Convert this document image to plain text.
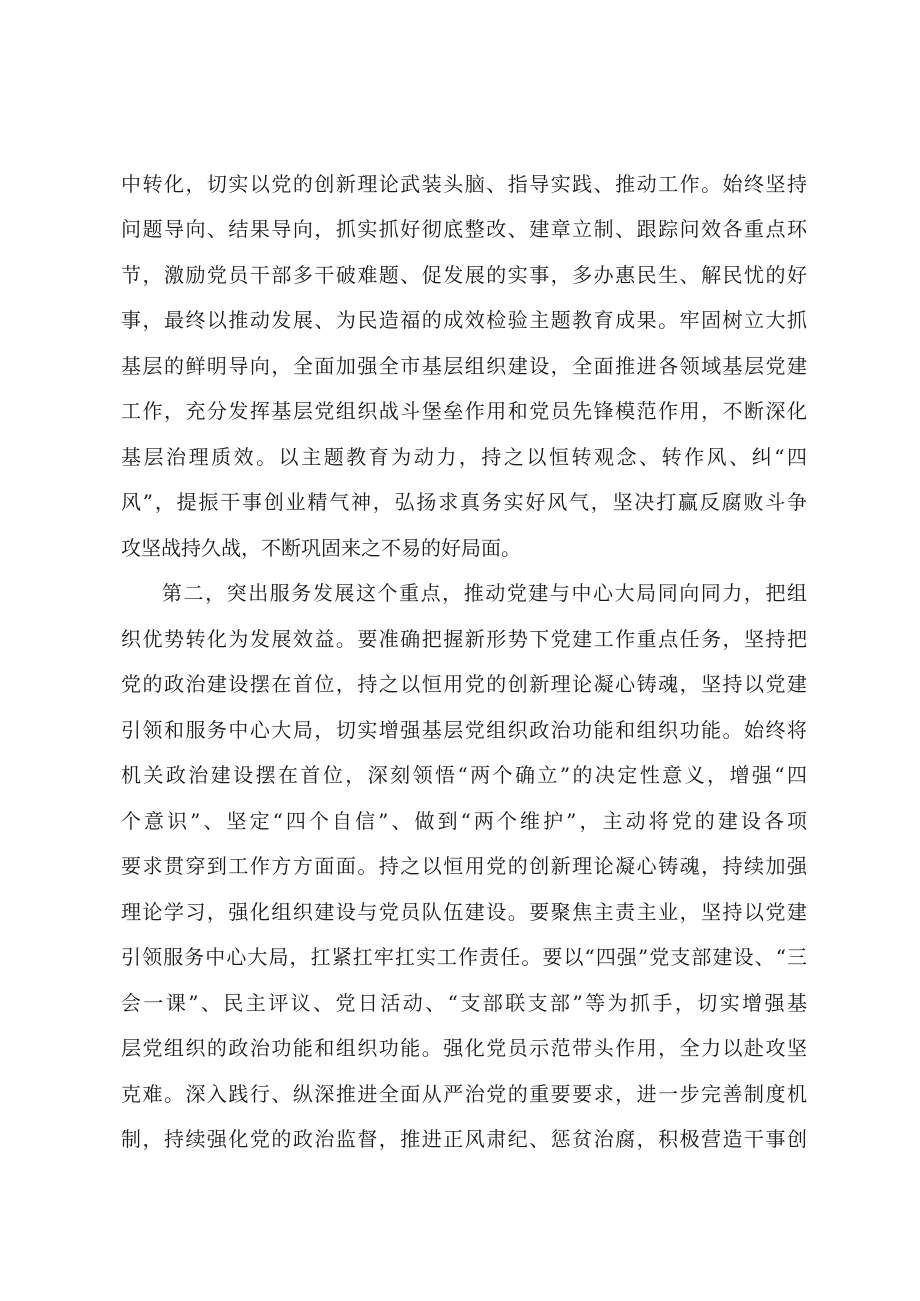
中转化，切实以党的创新理论武装头脑、指导实践、推动工作。始终坚持
问题导向、结果导向，抓实抓好彻底整改、建章立制、跟踪问效各重点环
节，激励党员干部多干破难题、促发展的实事，多办惠民生、解民忧的好
事，最终以推动发展、为民造福的成效检验主题教育成果。牢固树立大抓
基层的鲜明导向，全面加强全市基层组织建设，全面推进各领域基层党建
工作，充分发挥基层党组织战斗堡垒作用和党员先锋模范作用，不断深化
基层治理质效。以主题教育为动力，持之以恒转观念、转作风、纠“四
风”，提振干事创业精气神，弘扬求真务实好风气，坚决打赢反腐败斗争
攻坚战持久战，不断巩固来之不易的好局面。
第二，突出服务发展这个重点，推动党建与中心大局同向同力，把组
织优势转化为发展效益。要准确把握新形势下党建工作重点任务，坚持把
党的政治建设摆在首位，持之以恒用党的创新理论凝心铸魂，坚持以党建
引领和服务中心大局，切实增强基层党组织政治功能和组织功能。始终将
机关政治建设摆在首位，深刻领悟“两个确立”的决定性意义，增强“四
个意识”、坚定“四个自信”、做到“两个维护”，主动将党的建设各项
要求贯穿到工作方方面面。持之以恒用党的创新理论凝心铸魂，持续加强
理论学习，强化组织建设与党员队伍建设。要聚焦主责主业，坚持以党建
引领服务中心大局，扛紧扛牢扛实工作责任。要以“四强”党支部建设、“三
会一课”、民主评议、党日活动、“支部联支部”等为抓手，切实增强基
层党组织的政治功能和组织功能。强化党员示范带头作用，全力以赴攻坚
克难。深入践行、纵深推进全面从严治党的重要要求，进一步完善制度机
制，持续强化党的政治监督，推进正风肃纪、惩贫治腐，积极营造干事创
